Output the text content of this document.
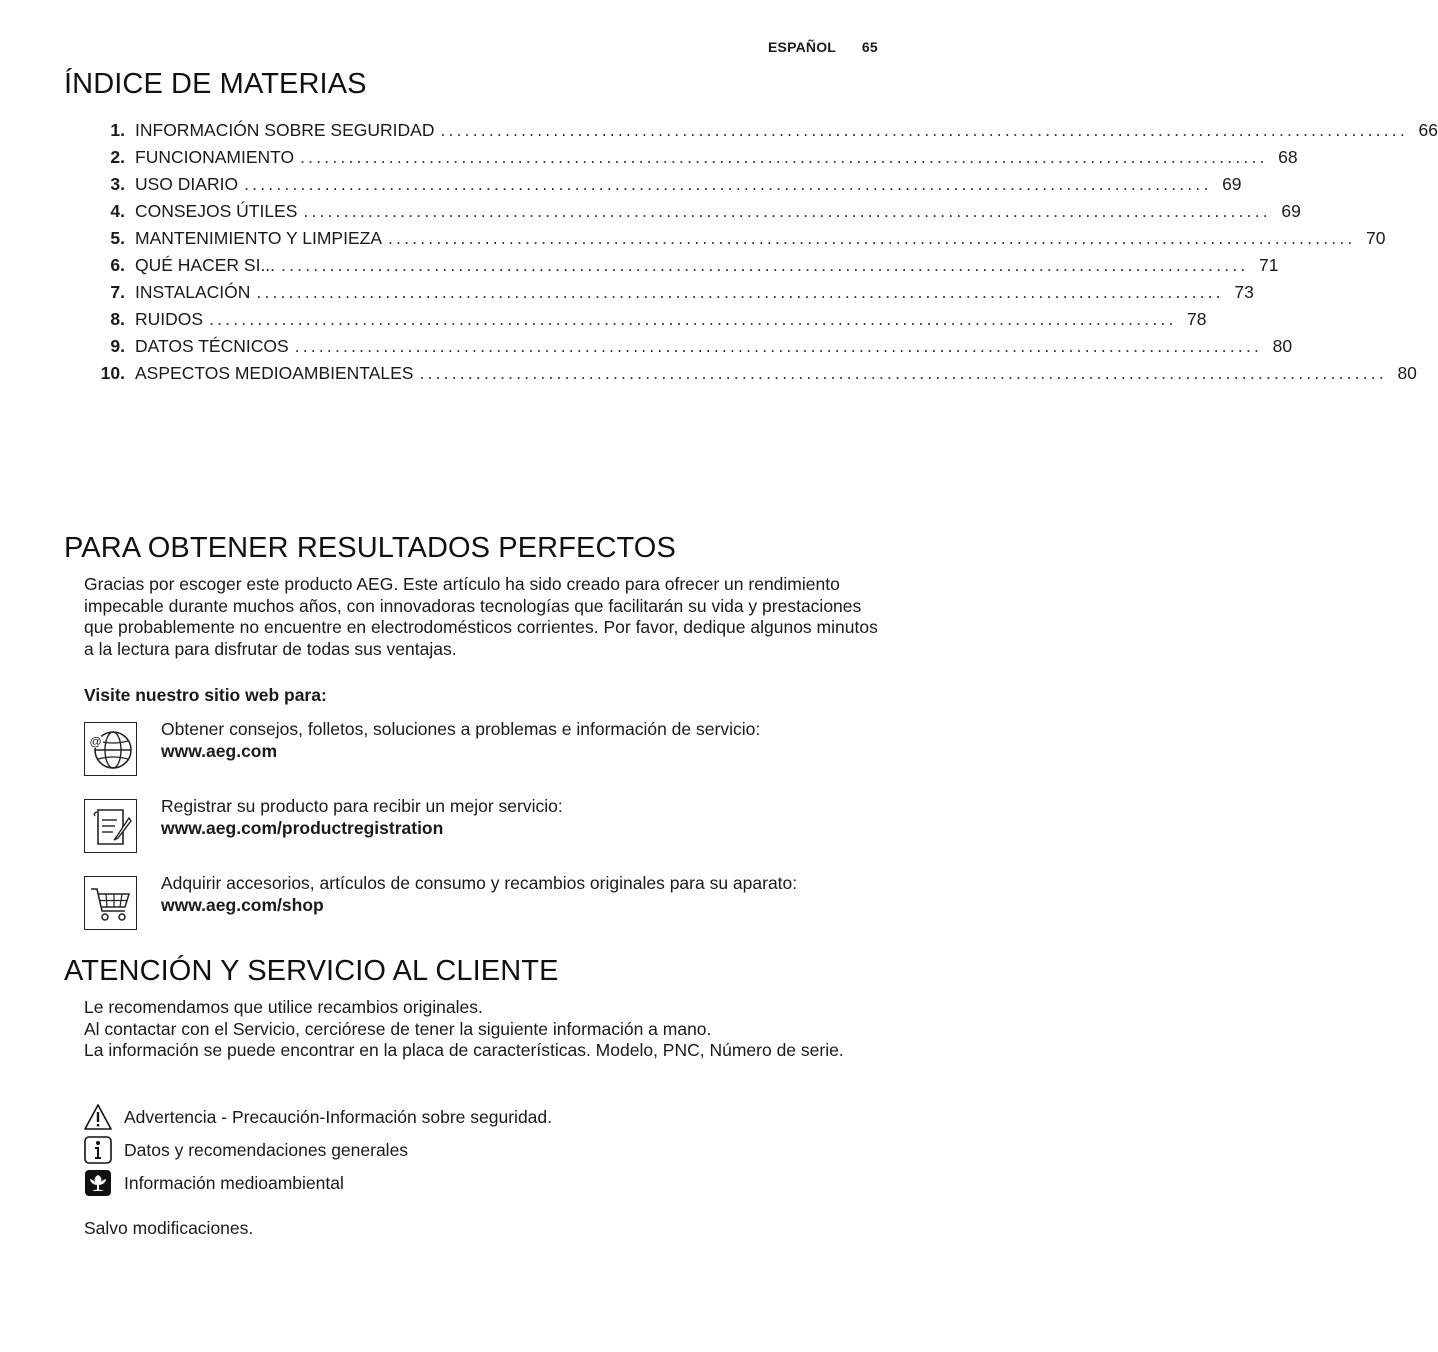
ESPAÑOL 65
ÍNDICE DE MATERIAS
1. INFORMACIÓN SOBRE SEGURIDAD ........................................................................................................................ 66
2. FUNCIONAMIENTO ........................................................................................................................ 68
3. USO DIARIO ........................................................................................................................ 69
4. CONSEJOS ÚTILES ........................................................................................................................ 69
5. MANTENIMIENTO Y LIMPIEZA ........................................................................................................................ 70
6. QUÉ HACER SI... ........................................................................................................................ 71
7. INSTALACIÓN ........................................................................................................................ 73
8. RUIDOS ........................................................................................................................ 78
9. DATOS TÉCNICOS ........................................................................................................................ 80
10. ASPECTOS MEDIOAMBIENTALES ........................................................................................................................ 80
PARA OBTENER RESULTADOS PERFECTOS

Gracias por escoger este producto AEG. Este artículo ha sido creado para ofrecer un rendimiento impecable durante muchos años, con innovadoras tecnologías que facilitarán su vida y prestaciones que probablemente no encuentre en electrodomésticos corrientes. Por favor, dedique algunos minutos a la lectura para disfrutar de todas sus ventajas.

Visite nuestro sitio web para:

@
Obtener consejos, folletos, soluciones a problemas e información de servicio:
www.aeg.com
Registrar su producto para recibir un mejor servicio:
www.aeg.com/productregistration
Adquirir accesorios, artículos de consumo y recambios originales para su aparato:
www.aeg.com/shop
ATENCIÓN Y SERVICIO AL CLIENTE
Le recomendamos que utilice recambios originales.
Al contactar con el Servicio, cerciórese de tener la siguiente información a mano.
La información se puede encontrar en la placa de características. Modelo, PNC, Número de serie.
Advertencia - Precaución-Información sobre seguridad.
Datos y recomendaciones generales
Información medioambiental

Salvo modificaciones.
